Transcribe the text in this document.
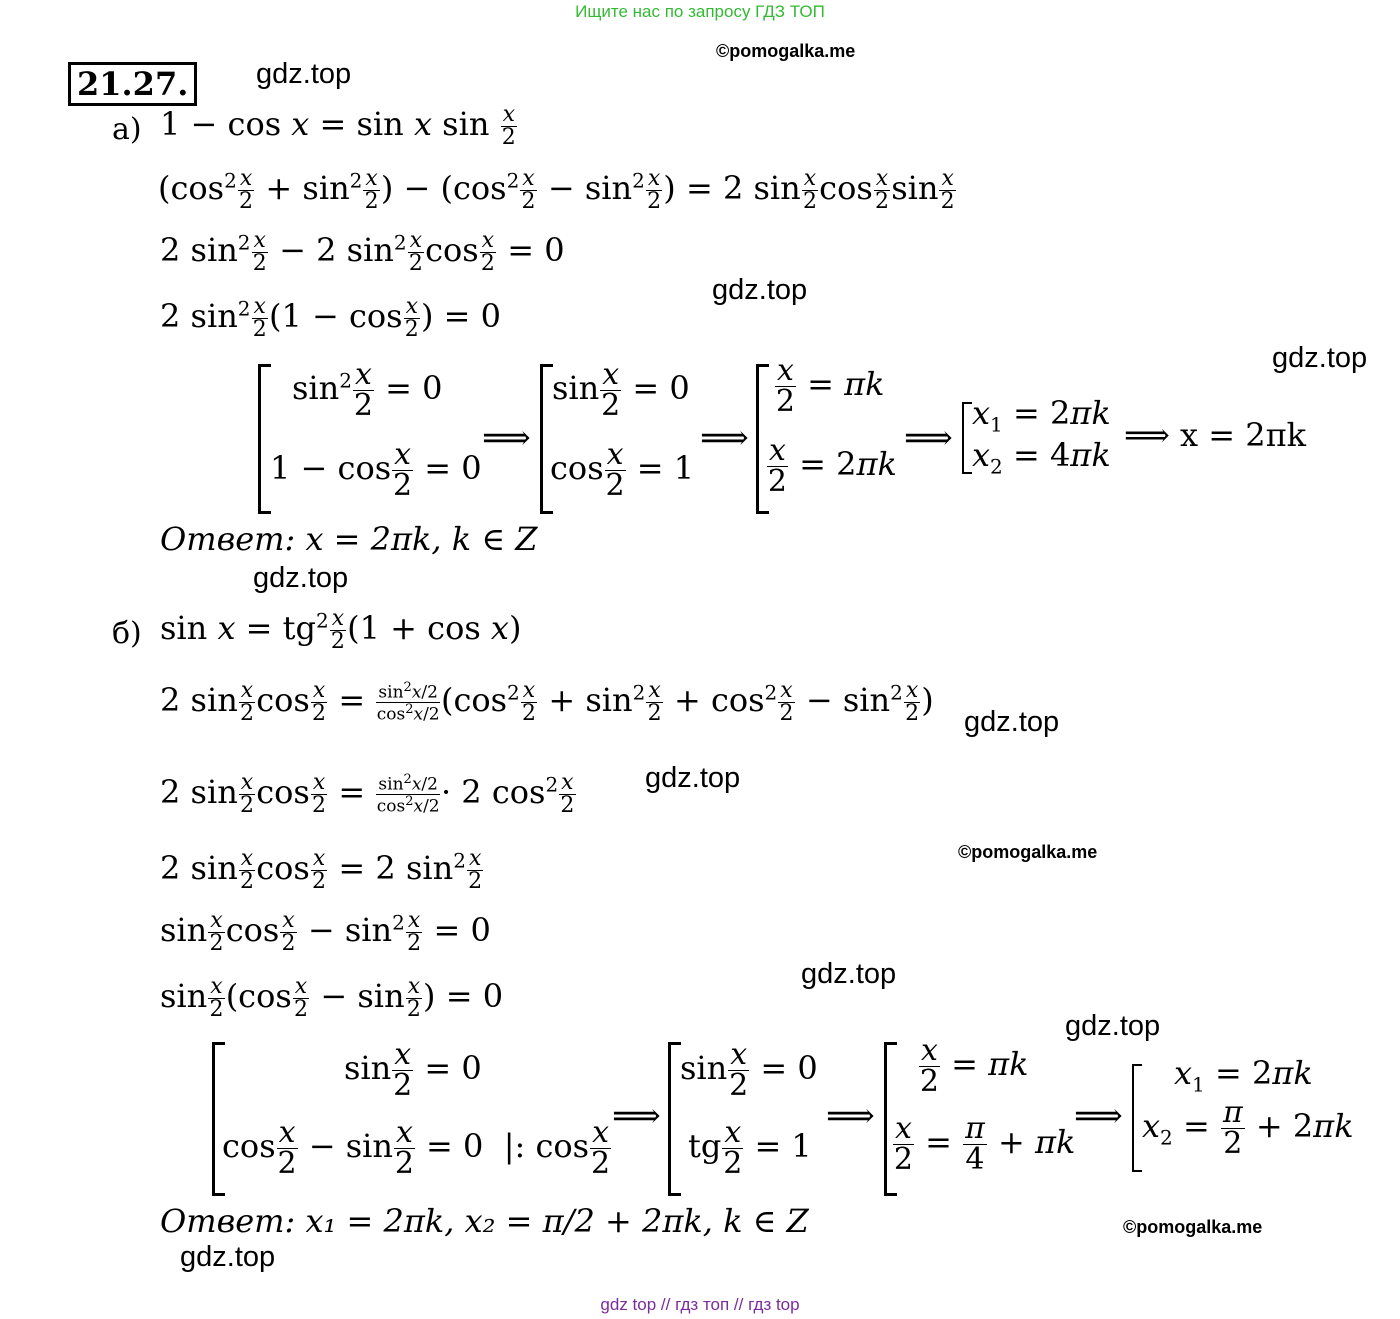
Ищите нас по запросу ГДЗ ТОП
©pomogalka.me
21.27.	gdz.top
gdz.top
gdz.top
gdz.top
gdz.top
gdz.top
gdz.top
gdz.top
gdz.top
а) 1 − cos x = sin x $\sin \frac{x}{2}$
($\cos^2 \frac{x}{2} + \sin^2 \frac{x}{2}$ ) − ($\cos^2 \frac{x}{2} - \sin^2 \frac{x}{2}$ ) = 2 $\sin \frac{x}{2}$ $\cos \frac{x}{2}$ $\sin \frac{x}{2}$
2 $\sin^2 \frac{x}{2} - 2$ $\sin^2 \frac{x}{2}$ $\cos \frac{x}{2} = 0$
2 $\sin^2 \frac{x}{2} (1 - \cos \frac{x}{2}$ ) = 0
$\sin^2 \frac{x}{2} = 0$
$1 - \cos \frac{x}{2} = 0$
⟹
$\sin \frac{x}{2} = 0$
$\cos \frac{x}{2} = 1$
⟹
$\frac{x}{2} = \pi k$
$\frac{x}{2} = 2\pi k$
⟹
$x_1 = 2\pi k$
$x_2 = 4\pi k$
⟹ x = 2πk
Ответ: x = 2πk, k ∈ Z
б) $\sin x = tg^2 \frac{x}{2} (1 + \cos x)$
2 $\sin \frac{x}{2}$ $\cos \frac{x}{2} = \frac{\sin^2x/2}{\cos^2x/2} (\cos^2 \frac{x}{2} + \sin^2 \frac{x}{2} + \cos^2 \frac{x}{2} - \sin^2 \frac{x}{2}$ )
2 $\sin \frac{x}{2}$ $\cos \frac{x}{2} = \frac{\sin^2x/2}{\cos^2x/2} \cdot 2$ $\cos^2 \frac{x}{2}$
©pomogalka.me
2 $\sin \frac{x}{2}$ $\cos \frac{x}{2} = 2$ $\sin^2 \frac{x}{2}$
$\sin \frac{x}{2}$ $\cos \frac{x}{2} - \sin^2 \frac{x}{2} = 0$
$\sin \frac{x}{2} (\cos \frac{x}{2} - \sin \frac{x}{2}$ ) = 0
$\sin \frac{x}{2} = 0$
$\cos \frac{x}{2} - \sin \frac{x}{2} = 0$  |: $\cos \frac{x}{2}$
⟹
$\sin \frac{x}{2} = 0$
tg $\frac{x}{2} = 1$
⟹
$\frac{x}{2} = \pi k$
$\frac{x}{2} = \frac{\pi}{4} + \pi k$
⟹
$x_1 = 2\pi k$
$x_2 = \frac{\pi}{2} + 2\pi k$
Ответ: x₁ = 2πk, x₂ = π/2 + 2πk, k ∈ Z	©pomogalka.me
gdz top // гдз топ // гдз top
